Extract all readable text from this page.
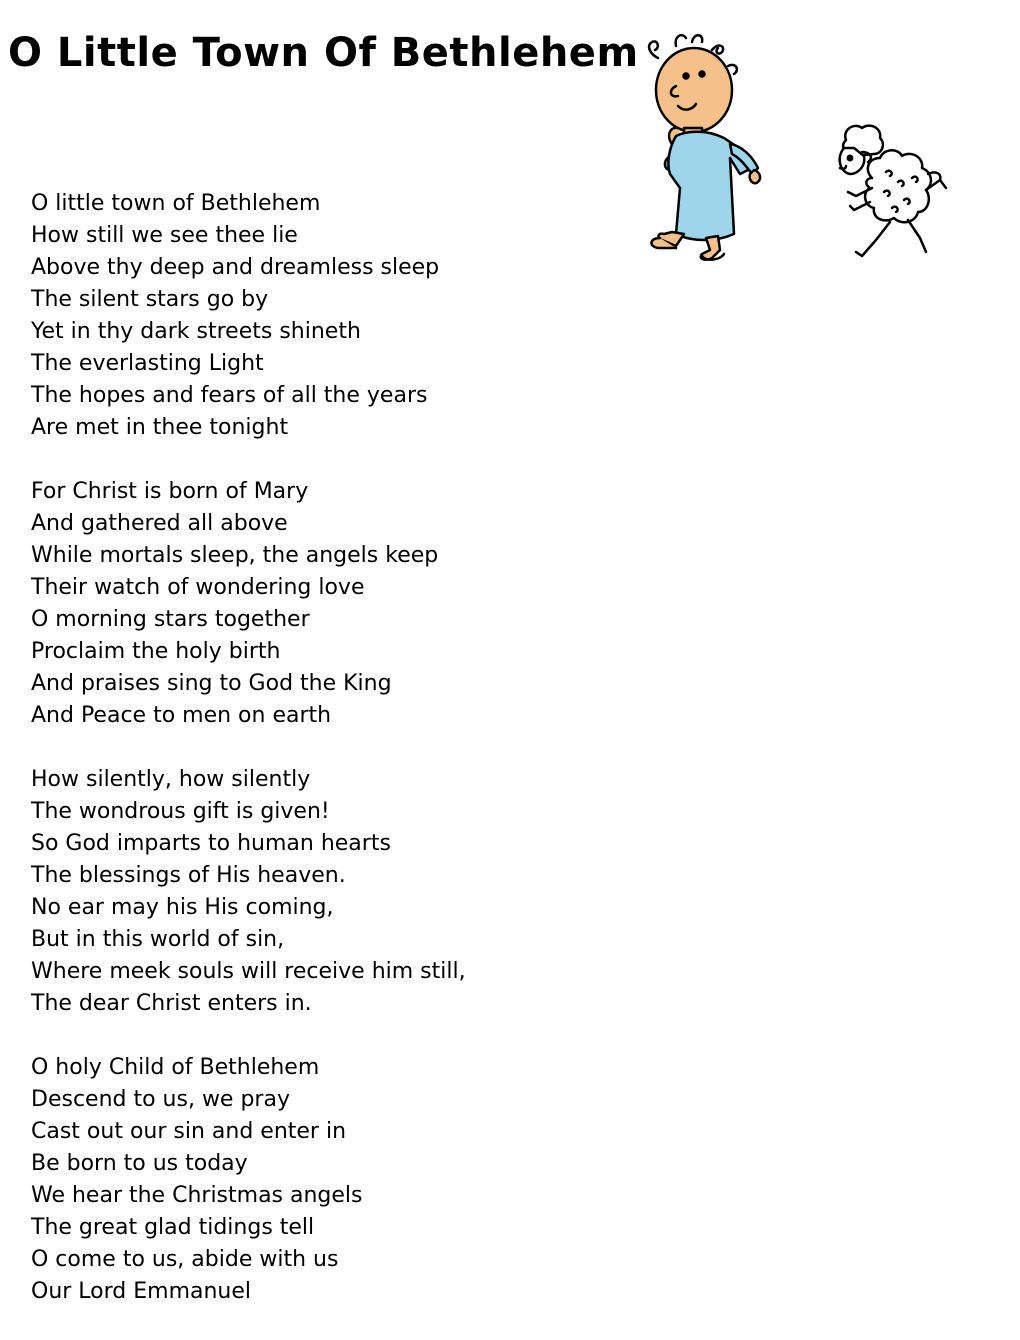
O Little Town Of Bethlehem
O little town of Bethlehem
How still we see thee lie
Above thy deep and dreamless sleep
The silent stars go by
Yet in thy dark streets shineth
The everlasting Light
The hopes and fears of all the years
Are met in thee tonight
For Christ is born of Mary
And gathered all above
While mortals sleep, the angels keep
Their watch of wondering love
O morning stars together
Proclaim the holy birth
And praises sing to God the King
And Peace to men on earth
How silently, how silently
The wondrous gift is given!
So God imparts to human hearts
The blessings of His heaven.
No ear may his His coming,
But in this world of sin,
Where meek souls will receive him still,
The dear Christ enters in.
O holy Child of Bethlehem
Descend to us, we pray
Cast out our sin and enter in
Be born to us today
We hear the Christmas angels
The great glad tidings tell
O come to us, abide with us
Our Lord Emmanuel
